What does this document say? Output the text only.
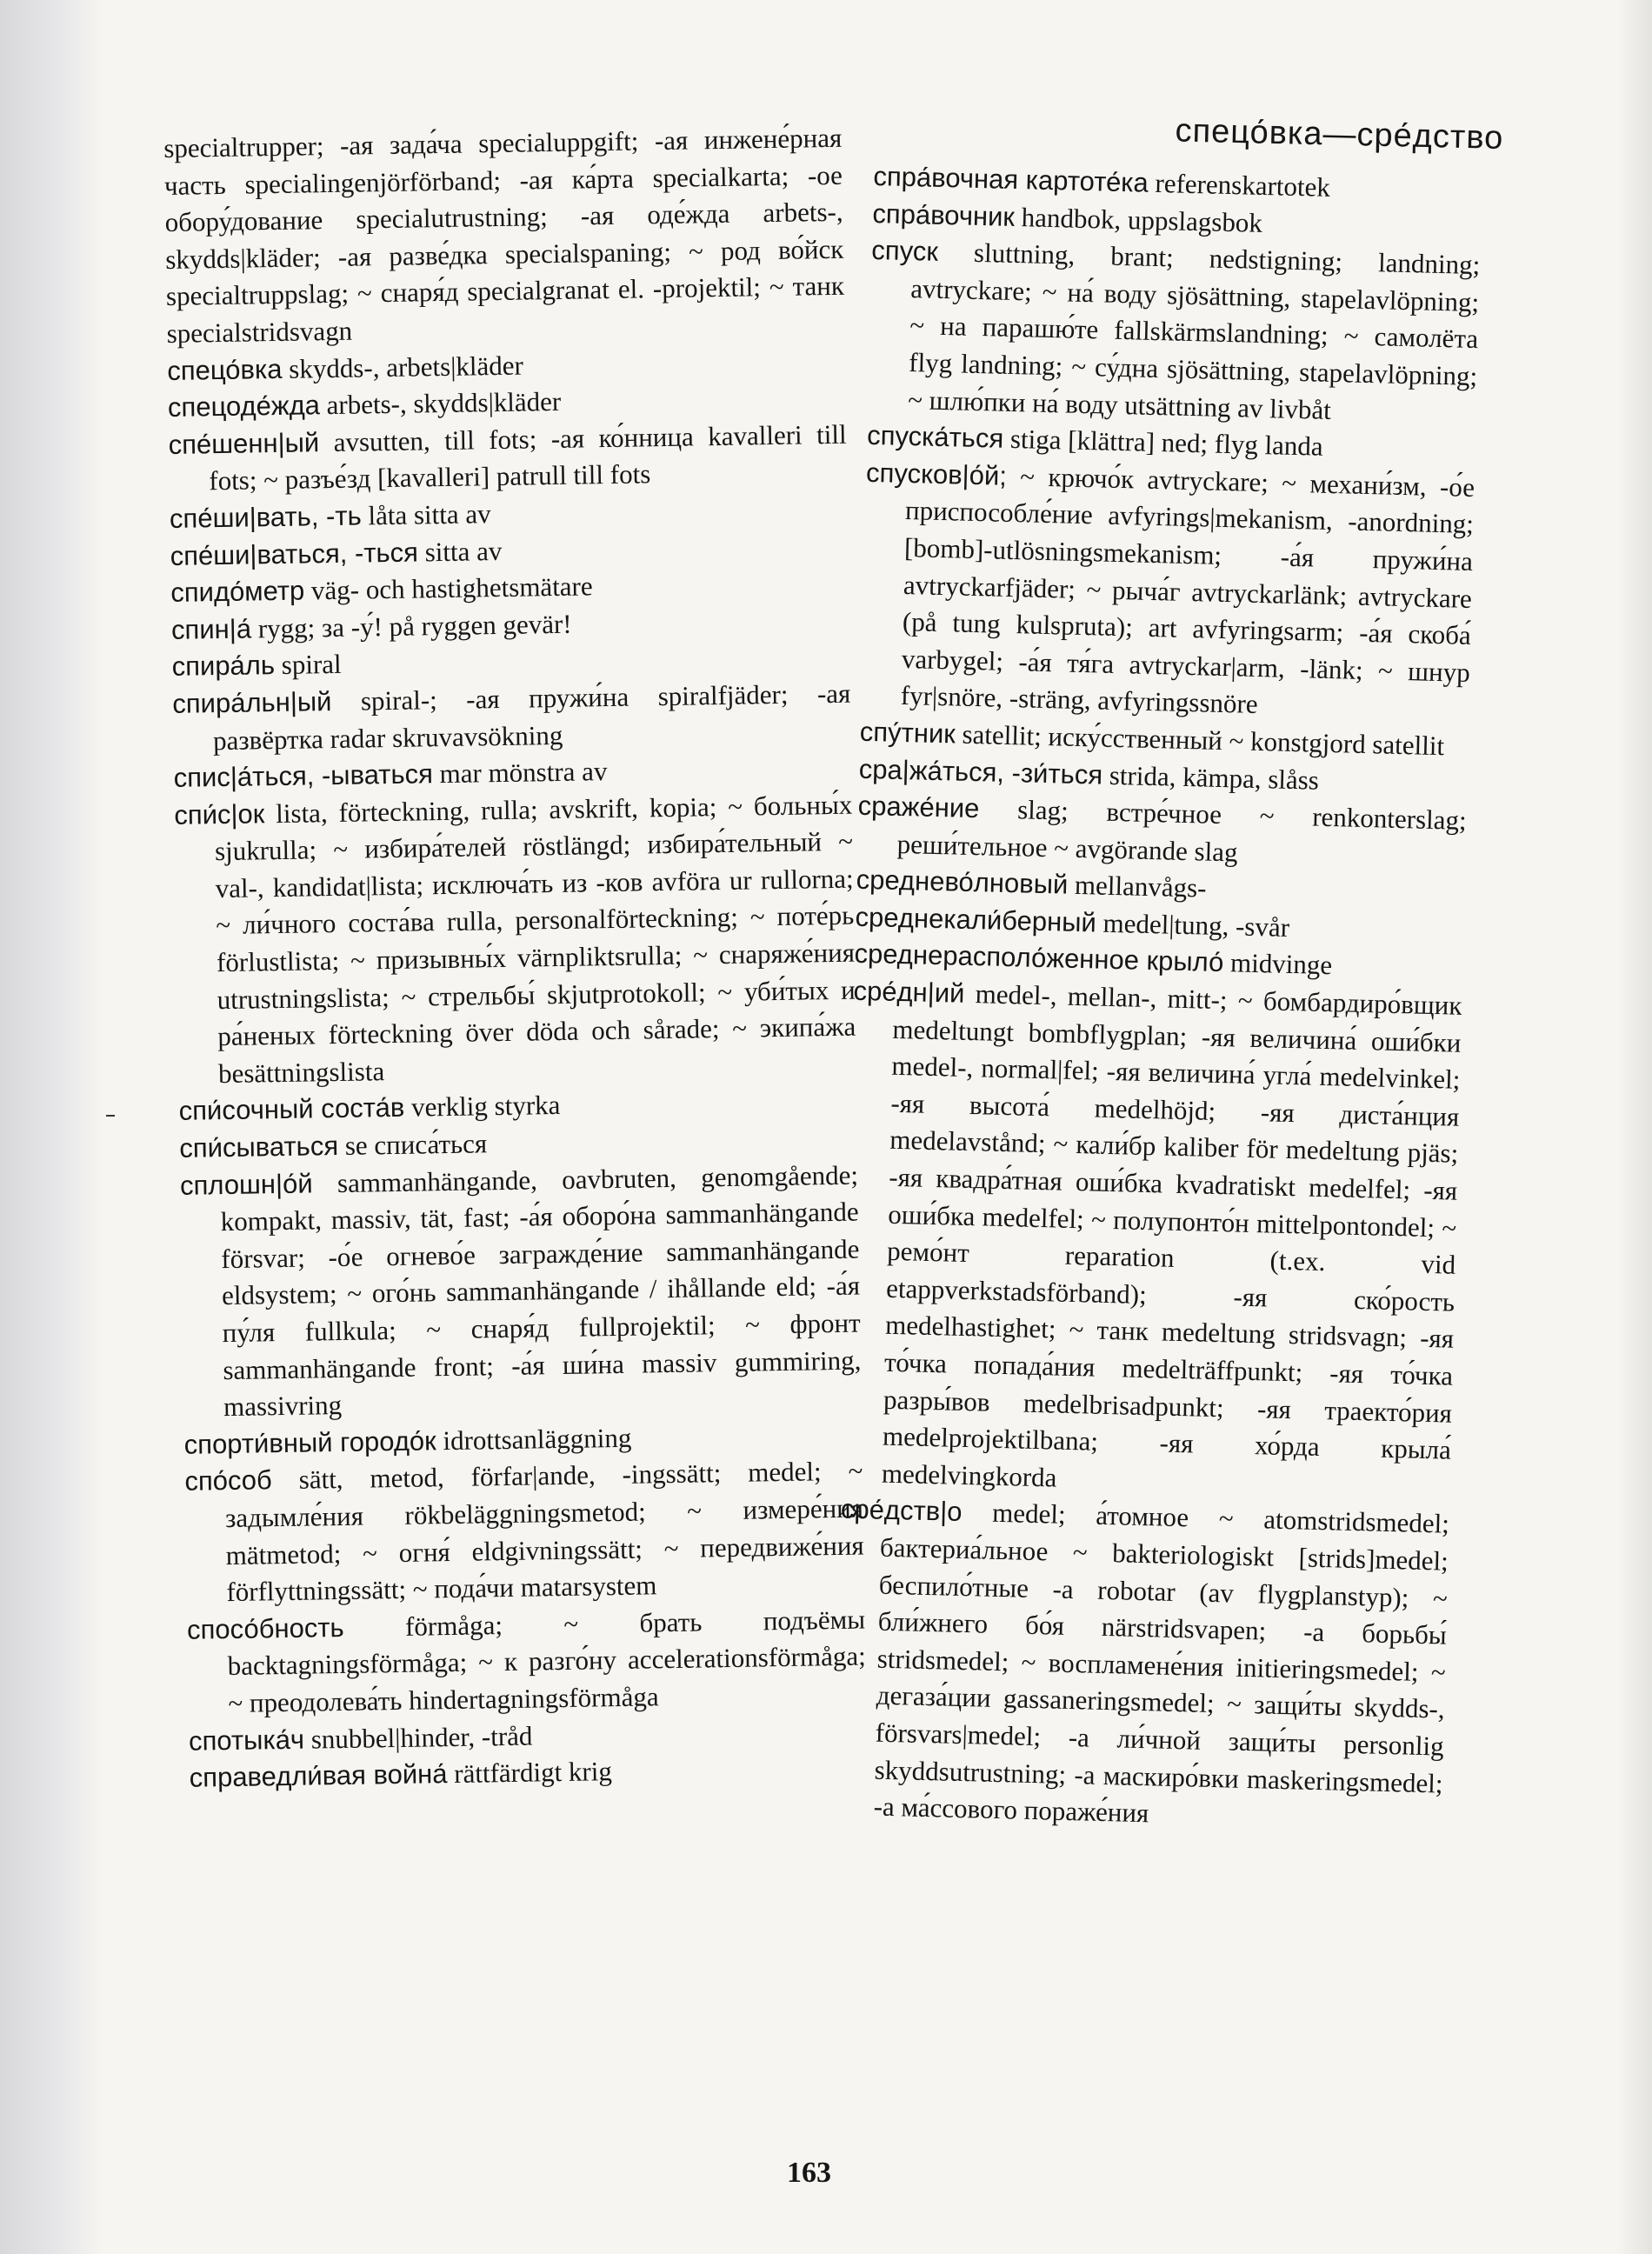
спецо́вка—сре́дство
specialtrupper; -ая зада́ча specialuppgift; -ая инжене́рная часть specialingenjörförband; -ая ка́рта specialkarta; -ое обору́дование specialutrustning; -ая оде́жда arbets-, skydds|kläder; -ая разве́дка specialspaning; ~ род во́йск specialtruppslag; ~ снаря́д specialgranat el. -projektil; ~ танк specialstridsvagn
спецо́вка skydds-, arbets|kläder
спецоде́жда arbets-, skydds|kläder
спе́шенн|ый avsutten, till fots; -ая ко́нница kavalleri till fots; ~ разъе́зд [kavalleri] patrull till fots
спе́ши|вать, -ть låta sitta av
спе́ши|ваться, -ться sitta av
спидо́метр väg- och hastighetsmätare
спин|а́ rygg; за -у́! på ryggen gevär!
спира́ль spiral
спира́льн|ый spiral-; -ая пружи́на spiralfjäder; -ая развёртка radar skruvavsökning
спис|а́ться, -ываться mar mönstra av
спи́с|ок lista, förteckning, rulla; avskrift, kopia; ~ больны́х sjukrulla; ~ избира́телей röstlängd; избира́тельный ~ val-, kandidat|lista; исключа́ть из -ков avföra ur rullorna; ~ ли́чного соста́ва rulla, personalförteckning; ~ поте́рь förlustlista; ~ призывны́х värnpliktsrulla; ~ снаряже́ния utrustningslista; ~ стрельбы́ skjutprotokoll; ~ уби́тых и ра́неных förteckning över döda och sårade; ~ экипа́жа besättningslista
спи́сочный соста́в verklig styrka
спи́сываться se списа́ться
сплошн|о́й sammanhängande, oavbruten, genomgående; kompakt, massiv, tät, fast; -а́я оборо́на sammanhängande försvar; -о́е огнево́е загражде́ние sammanhängande eldsystem; ~ ого́нь sammanhängande / ihållande eld; -а́я пу́ля fullkula; ~ снаря́д fullprojektil; ~ фронт sammanhängande front; -а́я ши́на massiv gummiring, massivring
спорти́вный городо́к idrottsanläggning
спо́соб sätt, metod, förfar|ande, -ingssätt; medel; ~ задымле́ния rökbeläggningsmetod; ~ измере́ния mätmetod; ~ огня́ eldgivningssätt; ~ передвиже́ния förflyttningssätt; ~ пода́чи matarsystem
спосо́бность förmåga; ~ брать подъёмы backtagningsförmåga; ~ к разго́ну accelerationsförmåga; ~ преодолева́ть hindertagningsförmåga
спотыка́ч snubbel|hinder, -tråd
справедли́вая война́ rättfärdigt krig
спра́вочная картоте́ка referenskartotek
спра́вочник handbok, uppslagsbok
спуск sluttning, brant; nedstigning; landning; avtryckare; ~ на́ воду sjösättning, stapelavlöpning; ~ на парашю́те fallskärmslandning; ~ самолёта flyg landning; ~ су́дна sjösättning, stapelavlöpning; ~ шлю́пки на́ воду utsättning av livbåt
спуска́ться stiga [klättra] ned; flyg landa
спусков|о́й; ~ крючо́к avtryckare; ~ механи́зм, -о́е приспособле́ние avfyrings|mekanism, -anordning; [bomb]-utlösningsmekanism; -а́я пружи́на avtryckarfjäder; ~ рыча́г avtryckarlänk; avtryckare (på tung kulspruta); art avfyringsarm; -а́я скоба́ varbygel; -а́я тя́га avtryckar|arm, -länk; ~ шнур fyr|snöre, -sträng, avfyringssnöre
спу́тник satellit; иску́сственный ~ konstgjord satellit
сра|жа́ться, -зи́ться strida, kämpa, slåss
сраже́ние slag; встре́чное ~ renkonterslag; реши́тельное ~ avgörande slag
среднево́лновый mellanvågs-
среднекали́берный medel|tung, -svår
среднерасполо́женное крыло́ midvinge
сре́дн|ий medel-, mellan-, mitt-; ~ бомбардиро́вщик medeltungt bombflygplan; -яя величина́ оши́бки medel-, normal|fel; -яя величина́ угла́ medelvinkel; -яя высота́ medelhöjd; -яя диста́нция medelavstånd; ~ кали́бр kaliber för medeltung pjäs; -яя квадра́тная оши́бка kvadratiskt medelfel; -яя оши́бка medelfel; ~ полупонто́н mittelpontondel; ~ ремо́нт reparation (t.ex. vid etappverkstadsförband); -яя ско́рость medelhastighet; ~ танк medeltung stridsvagn; -яя то́чка попада́ния medelträffpunkt; -яя то́чка разры́вов medelbrisadpunkt; -яя траекто́рия medelprojektilbana; -яя хо́рда крыла́ medelvingkorda
сре́дств|о medel; а́томное ~ atomstridsmedel; бактериа́льное ~ bakteriologiskt [strids]medel; беспило́тные -а robotar (av flygplanstyp); ~ бли́жнего бо́я närstridsvapen; -а борьбы́ stridsmedel; ~ воспламене́ния initieringsmedel; ~ дегаза́ции gassaneringsmedel; ~ защи́ты skydds-, försvars|medel; -а ли́чной защи́ты personlig skyddsutrustning; -а маскиро́вки maskeringsmedel; -а ма́ссового пораже́ния
163
